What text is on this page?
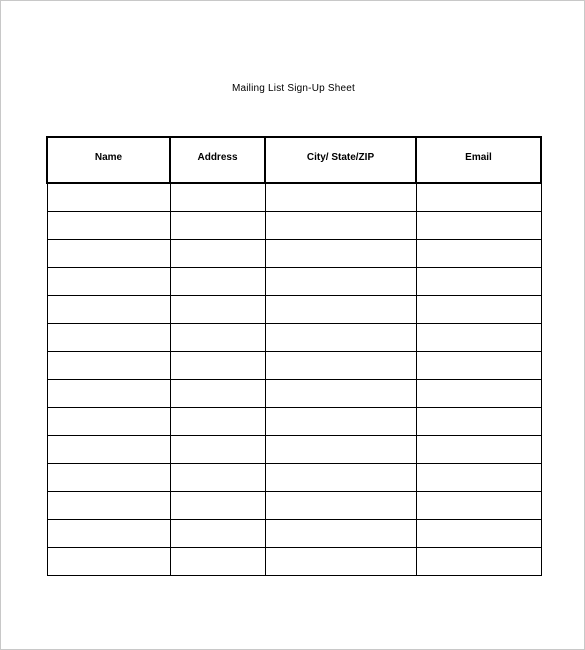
Mailing List Sign-Up Sheet
Name	Address	City/ State/ZIP	Email
